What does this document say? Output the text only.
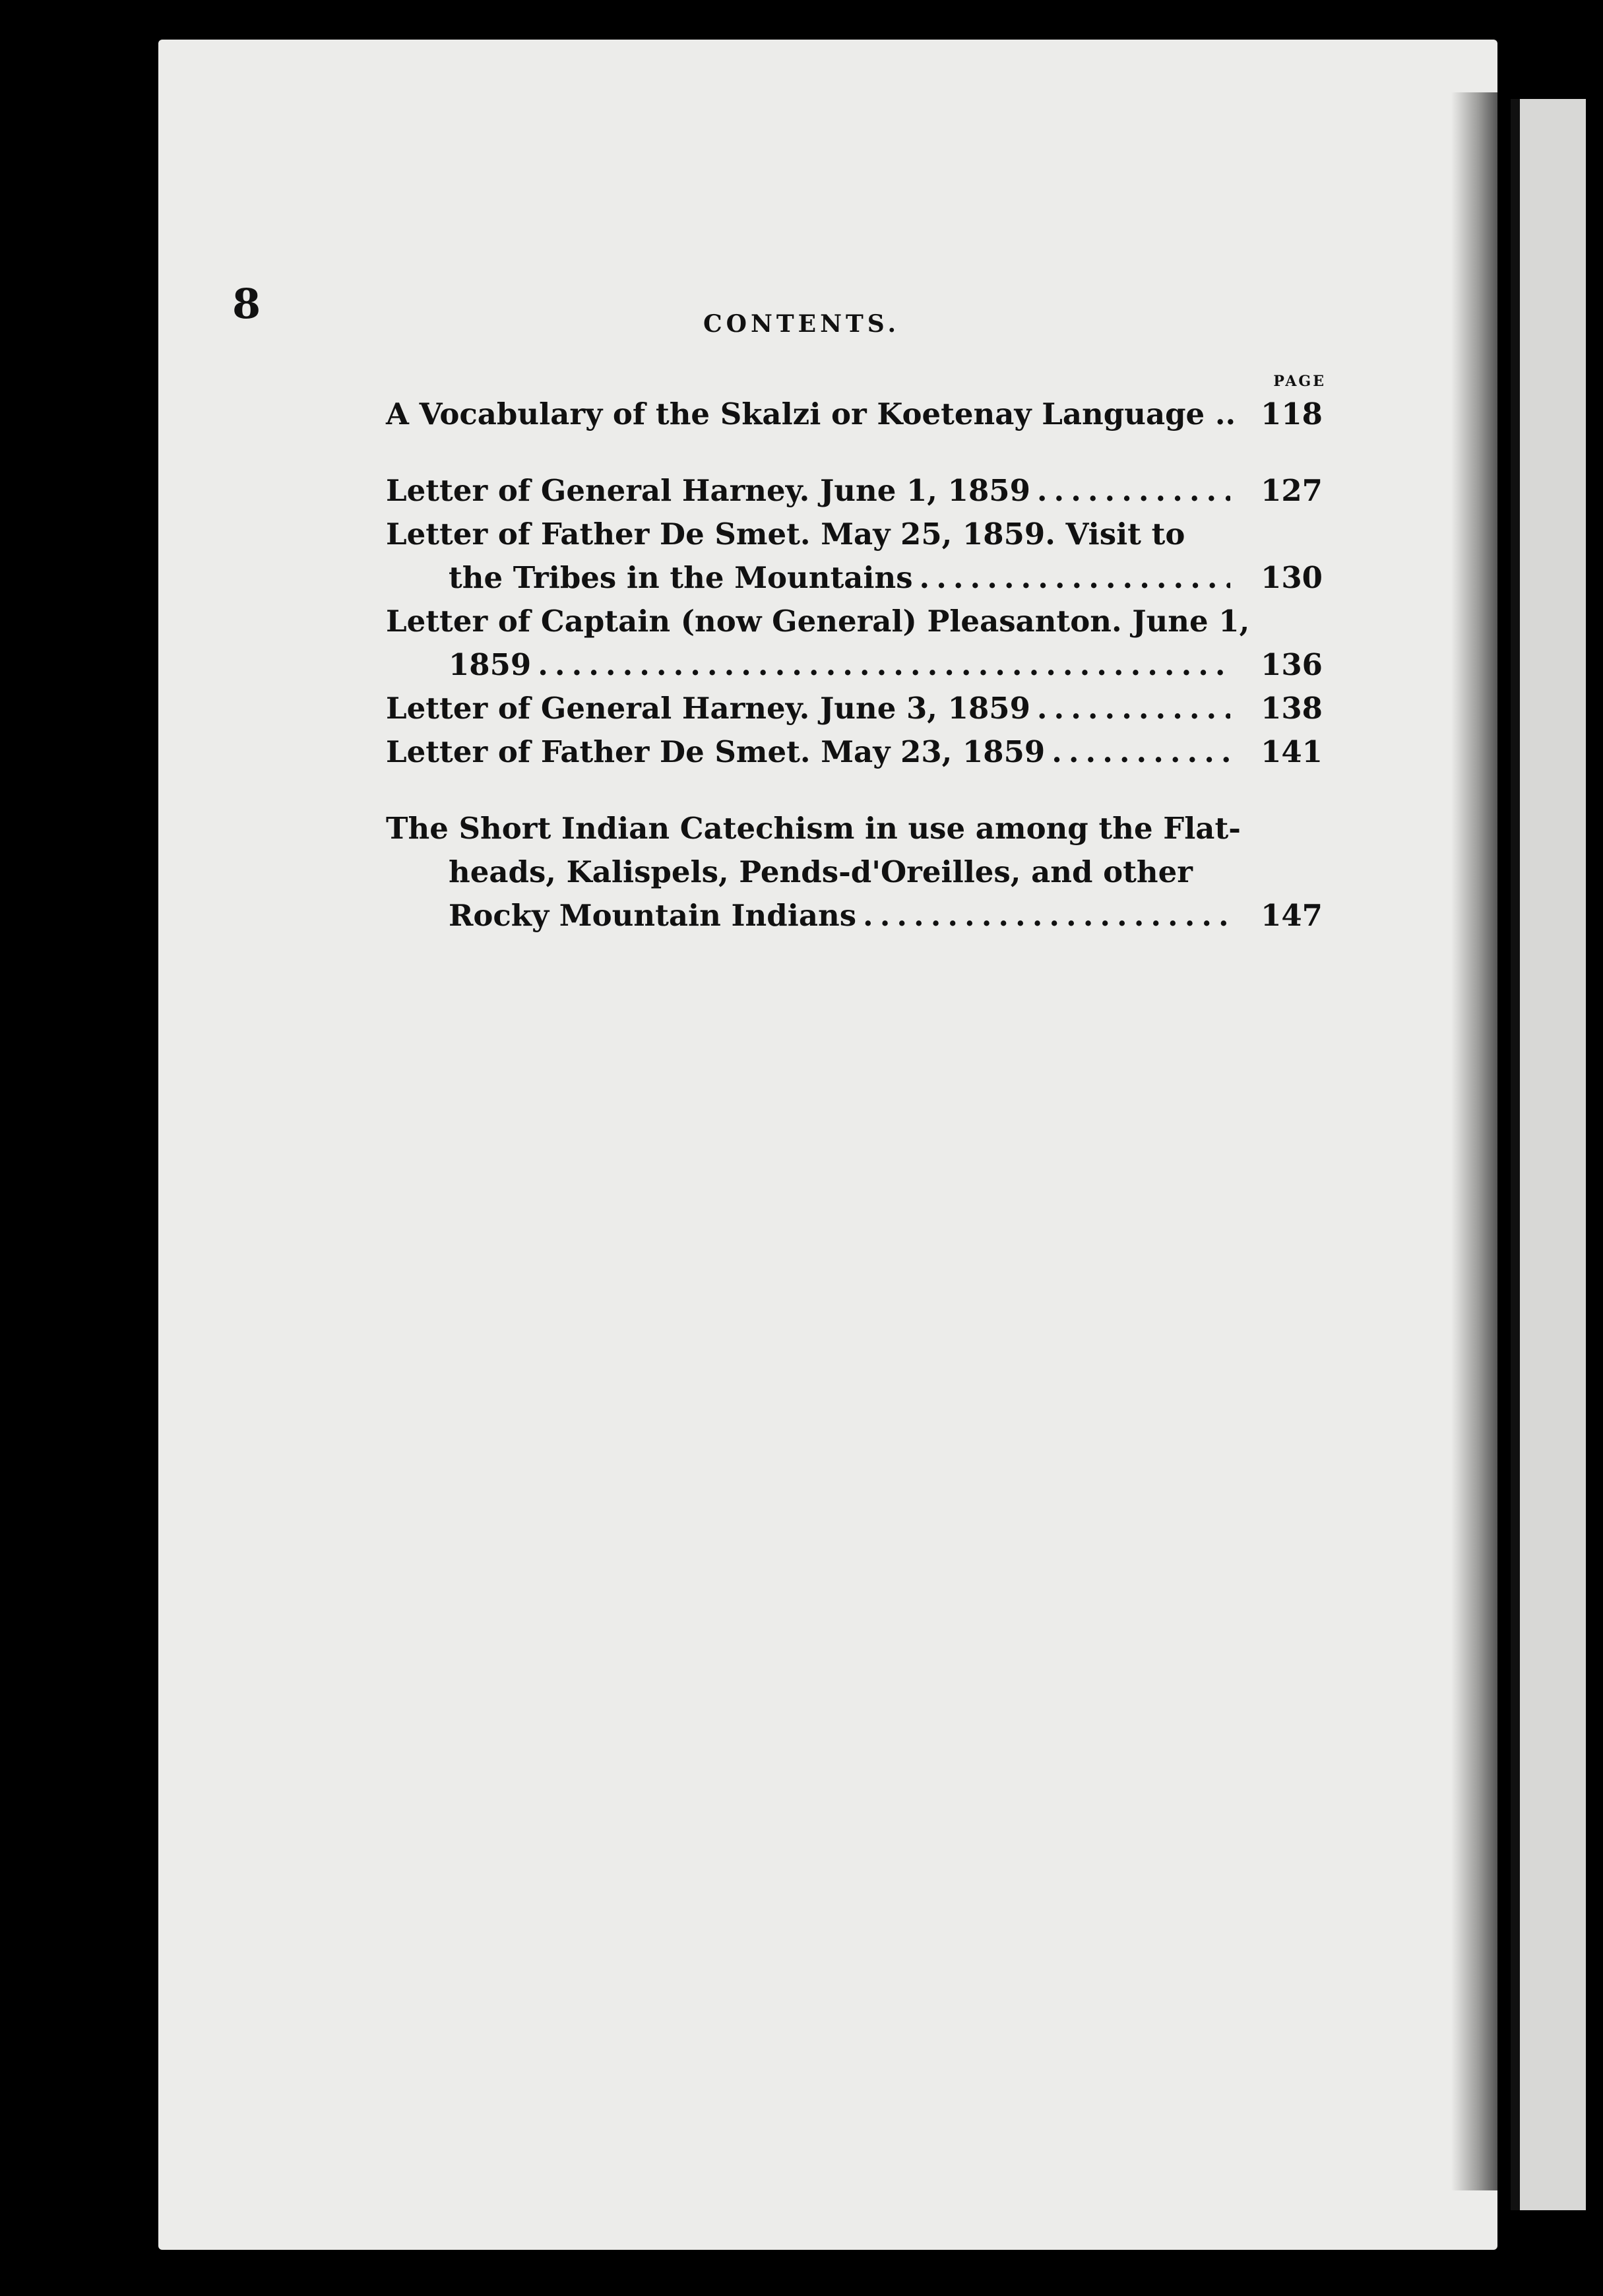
8	CONTENTS.
PAGE
A Vocabulary of the Skalzi or Koetenay Language .. 118
Letter of General Harney. June 1, 1859 .....	127
Letter of Father De Smet. May 25, 1859. Visit to
the Tribes in the Mountains .....	130
Letter of Captain (now General) Pleasanton. June 1,
1859 .....	136
Letter of General Harney. June 3, 1859 .....	138
Letter of Father De Smet. May 23, 1859 .....	141
The Short Indian Catechism in use among the Flat-
heads, Kalispels, Pends-d'Oreilles, and other
Rocky Mountain Indians .....	147
